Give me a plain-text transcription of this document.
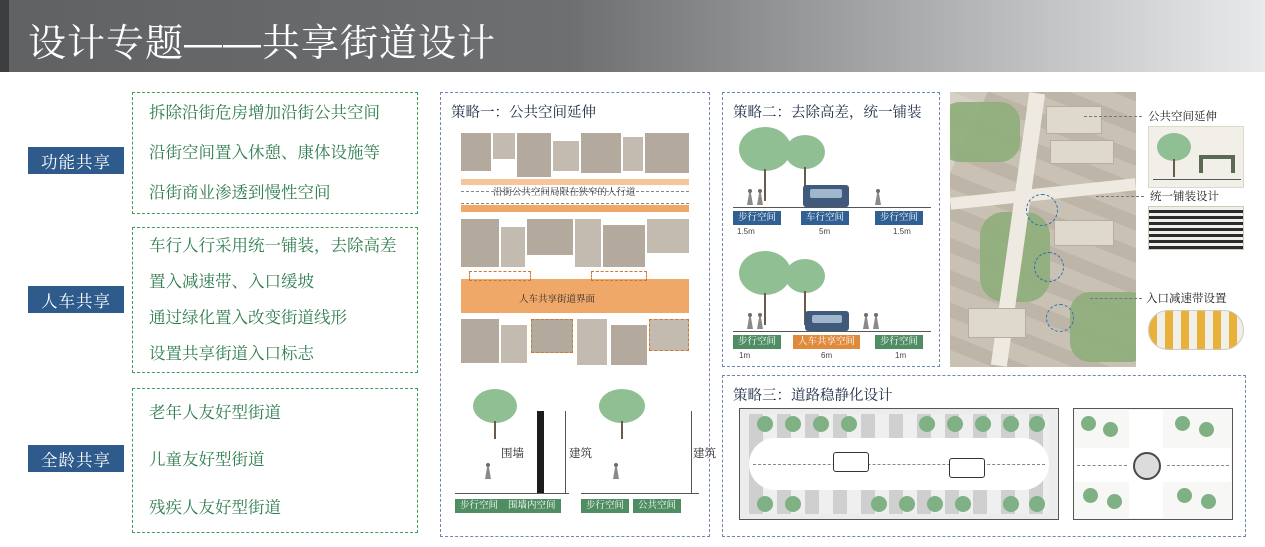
设计专题——共享街道设计
功能共享
拆除沿街危房增加沿街公共空间
沿街空间置入休憩、康体设施等
沿街商业渗透到慢性空间
人车共享
车行人行采用统一铺装，去除高差
置入减速带、入口缓坡
通过绿化置入改变街道线形
设置共享街道入口标志
全龄共享
老年人友好型街道
儿童友好型街道
残疾人友好型街道
策略一：公共空间延伸
沿街公共空间局限在狭窄的人行道
人车共享街道界面
围墙	建筑	建筑
步行空间	围墙内空间	步行空间	公共空间
策略二：去除高差，统一铺装
步行空间	车行空间	步行空间
1.5m	5m	1.5m
步行空间	人车共享空间	步行空间
1m	6m	1m
公共空间延伸
统一铺装设计
入口减速带设置
策略三：道路稳静化设计
